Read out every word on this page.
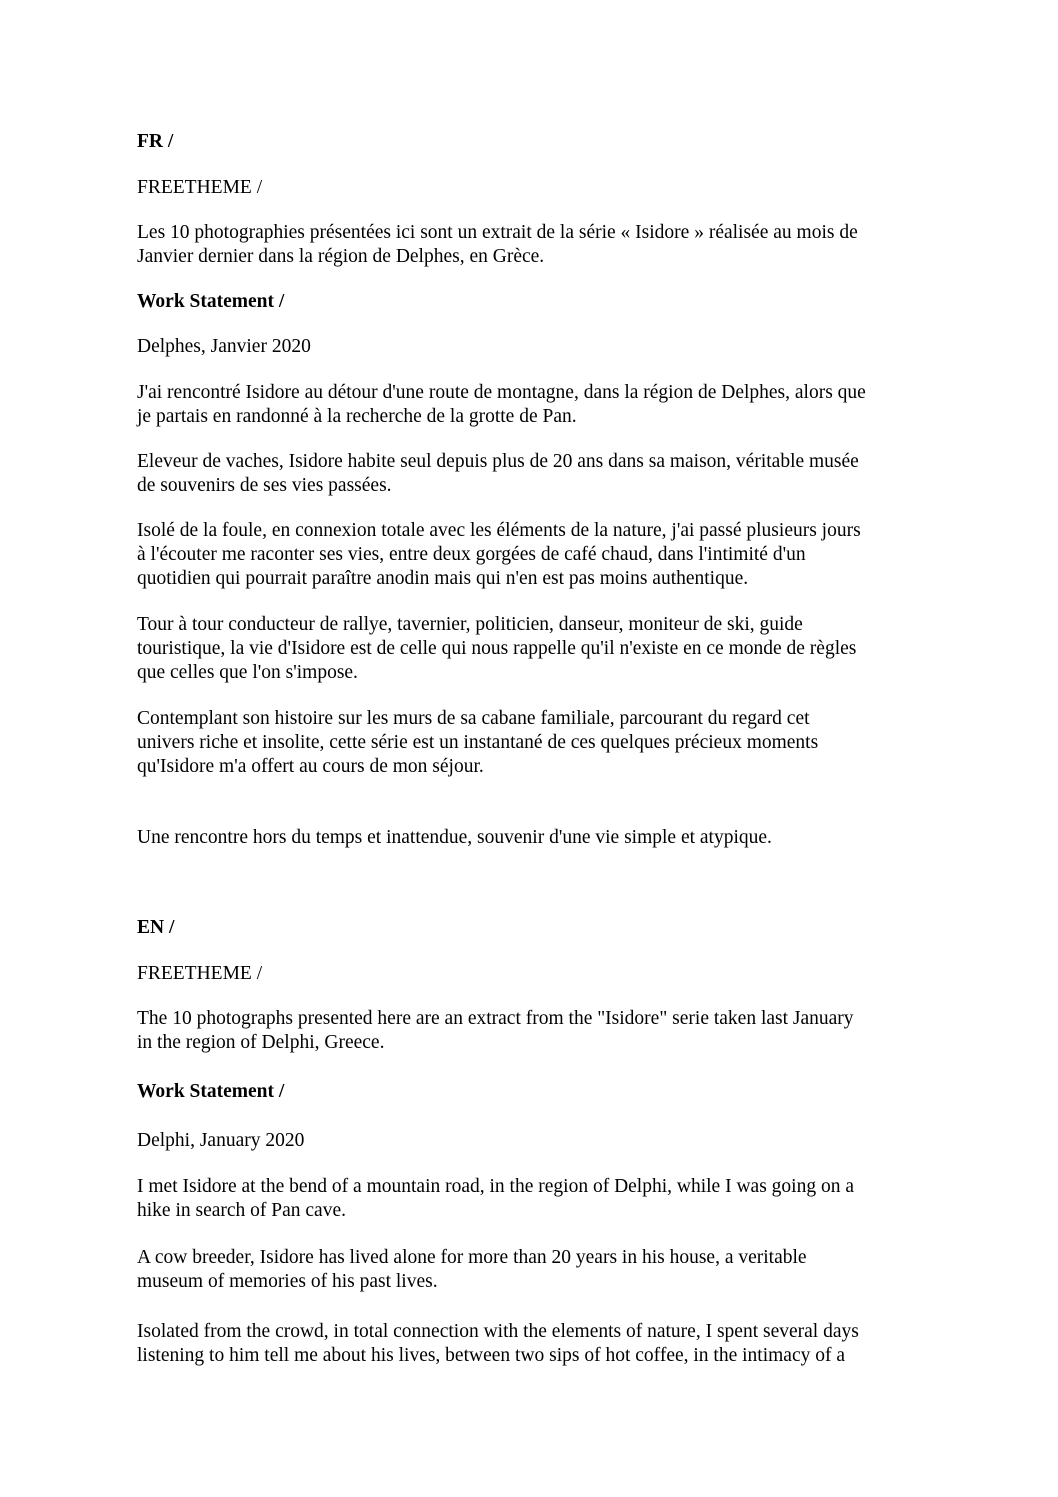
FR /

FREETHEME /

Les 10 photographies présentées ici sont un extrait de la série « Isidore » réalisée au mois de
Janvier dernier dans la région de Delphes, en Grèce.

Work Statement /

Delphes, Janvier 2020

J'ai rencontré Isidore au détour d'une route de montagne, dans la région de Delphes, alors que
je partais en randonné à la recherche de la grotte de Pan.

Eleveur de vaches, Isidore habite seul depuis plus de 20 ans dans sa maison, véritable musée
de souvenirs de ses vies passées.

Isolé de la foule, en connexion totale avec les éléments de la nature, j'ai passé plusieurs jours
à l'écouter me raconter ses vies, entre deux gorgées de café chaud, dans l'intimité d'un
quotidien qui pourrait paraître anodin mais qui n'en est pas moins authentique.

Tour à tour conducteur de rallye, tavernier, politicien, danseur, moniteur de ski, guide
touristique, la vie d'Isidore est de celle qui nous rappelle qu'il n'existe en ce monde de règles
que celles que l'on s'impose.

Contemplant son histoire sur les murs de sa cabane familiale, parcourant du regard cet
univers riche et insolite, cette série est un instantané de ces quelques précieux moments
qu'Isidore m'a offert au cours de mon séjour.

Une rencontre hors du temps et inattendue, souvenir d'une vie simple et atypique.

EN /

FREETHEME /

The 10 photographs presented here are an extract from the "Isidore" serie taken last January
in the region of Delphi, Greece.

Work Statement /

Delphi, January 2020

I met Isidore at the bend of a mountain road, in the region of Delphi, while I was going on a
hike in search of Pan cave.

A cow breeder, Isidore has lived alone for more than 20 years in his house, a veritable
museum of memories of his past lives.

Isolated from the crowd, in total connection with the elements of nature, I spent several days
listening to him tell me about his lives, between two sips of hot coffee, in the intimacy of a
